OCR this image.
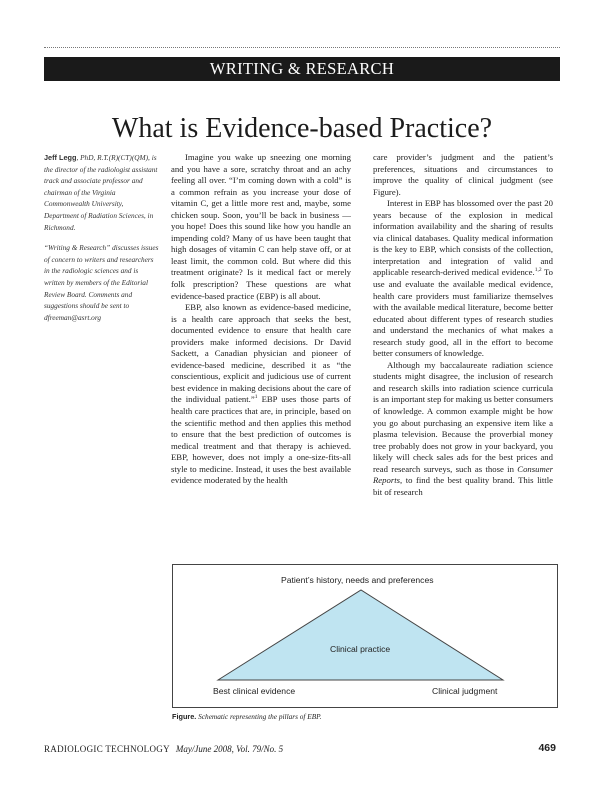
WRITING & RESEARCH
What is Evidence-based Practice?

Jeff Legg, PhD, R.T.(R)(CT)(QM), is the director of the radiologist assistant track and associate professor and chairman of the Virginia Commonwealth University, Department of Radiation Sciences, in Richmond.

“Writing & Research” discusses issues of concern to writers and researchers in the radiologic sciences and is written by members of the Editorial Review Board. Comments and suggestions should be sent to dfreeman@asrt.org

Imagine you wake up sneezing one morning and you have a sore, scratchy throat and an achy feeling all over. “I’m coming down with a cold” is a common refrain as you increase your dose of vitamin C, get a little more rest and, maybe, some chicken soup. Soon, you’ll be back in business — you hope! Does this sound like how you handle an impending cold? Many of us have been taught that high dosages of vitamin C can help stave off, or at least limit, the common cold. But where did this treatment originate? Is it medical fact or merely folk prescription? These questions are what evidence-based practice (EBP) is all about.

EBP, also known as evidence-based medicine, is a health care approach that seeks the best, documented evidence to ensure that health care providers make informed decisions. Dr David Sackett, a Canadian physician and pioneer of evidence-based medicine, described it as “the conscientious, explicit and judicious use of current best evidence in making decisions about the care of the individual patient.”$^1$ EBP uses those parts of health care practices that are, in principle, based on the scientific method and then applies this method to ensure that the best prediction of outcomes is medical treatment and that therapy is achieved. EBP, however, does not imply a one-size-fits-all style to medicine. Instead, it uses the best available evidence moderated by the health

care provider’s judgment and the patient’s preferences, situations and circumstances to improve the quality of clinical judgment (see Figure).

Interest in EBP has blossomed over the past 20 years because of the explosion in medical information availability and the sharing of results via clinical databases. Quality medical information is the key to EBP, which consists of the collection, interpretation and integration of valid and applicable research-derived medical evidence.$^{1,2}$ To use and evaluate the available medical evidence, health care providers must familiarize themselves with the available medical literature, become better educated about different types of research studies and understand the mechanics of what makes a research study good, all in the effort to become better consumers of knowledge.

Although my baccalaureate radiation science students might disagree, the inclusion of research and research skills into radiation science curricula is an important step for making us better consumers of knowledge. A common example might be how you go about purchasing an expensive item like a plasma television. Because the proverbial money tree probably does not grow in your backyard, you likely will check sales ads for the best prices and read research surveys, such as those in Consumer Reports, to find the best quality brand. This little bit of research

Patient’s history, needs and preferences
Clinical practice
Best clinical evidence	Clinical judgment
Figure. Schematic representing the pillars of EBP.
RADIOLOGIC TECHNOLOGY May/June 2008, Vol. 79/No. 5	469
